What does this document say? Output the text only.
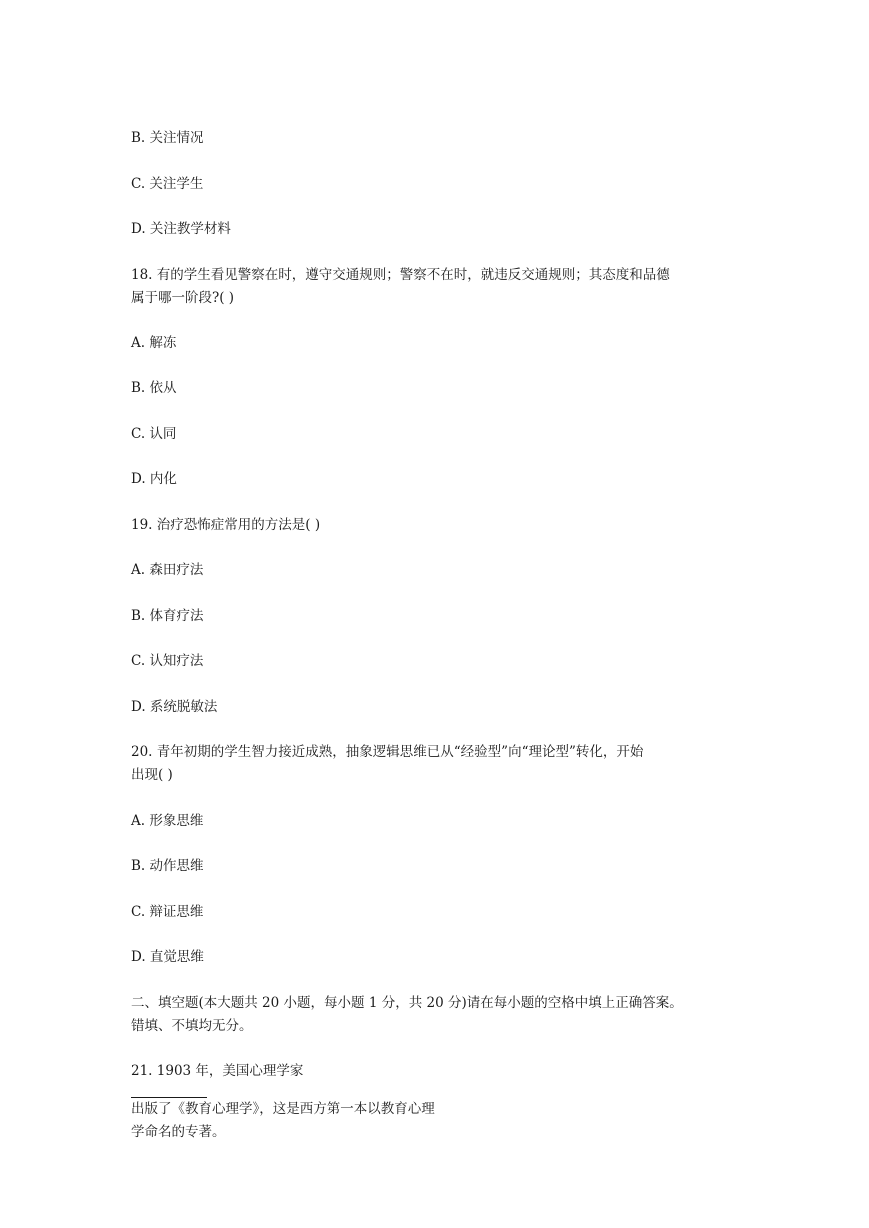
B. 关注情况
C. 关注学生
D. 关注教学材料
18. 有的学生看见警察在时，遵守交通规则；警察不在时，就违反交通规则；其态度和品德
属于哪一阶段?( )
A. 解冻
B. 依从
C. 认同
D. 内化
19. 治疗恐怖症常用的方法是( )
A. 森田疗法
B. 体育疗法
C. 认知疗法
D. 系统脱敏法
20. 青年初期的学生智力接近成熟，抽象逻辑思维已从“经验型”向“理论型”转化，开始
出现( )
A. 形象思维
B. 动作思维
C. 辩证思维
D. 直觉思维
二、填空题(本大题共 20 小题，每小题 1 分，共 20 分)请在每小题的空格中填上正确答案。
错填、不填均无分。
21. 1903 年，美国心理学家
出版了《教育心理学》，这是西方第一本以教育心理
学命名的专著。
